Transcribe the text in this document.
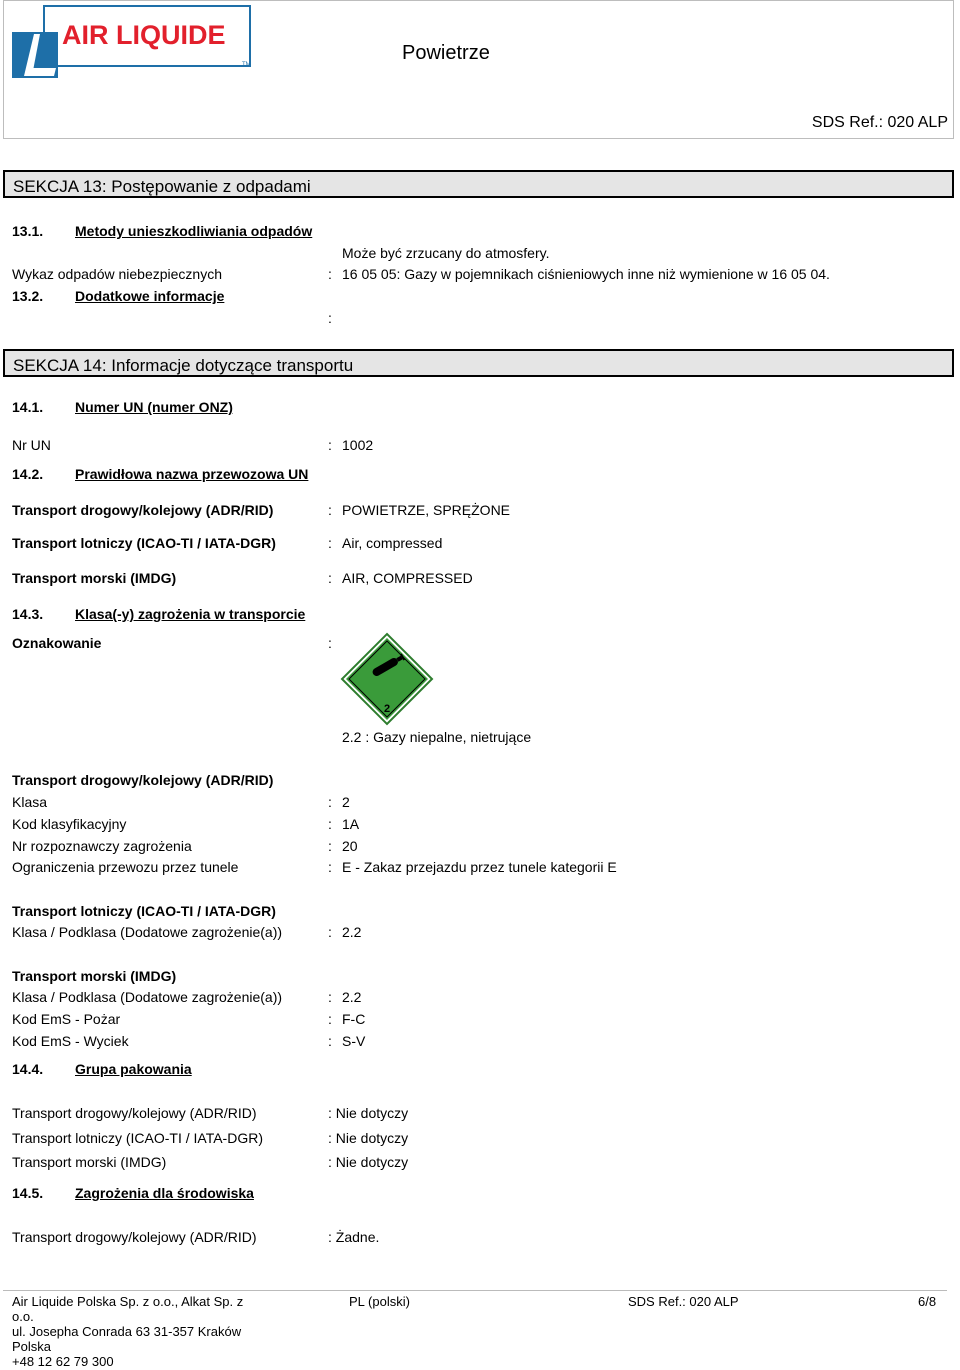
AIR LIQUIDE
TM
Powietrze
SDS Ref.: 020 ALP
SEKCJA 13: Postępowanie z odpadami
13.1. Metody unieszkodliwiania odpadów
Może być zrzucany do atmosfery.
Wykaz odpadów niebezpiecznych	: 16 05 05: Gazy w pojemnikach ciśnieniowych inne niż wymienione w 16 05 04.
13.2. Dodatkowe informacje
:
SEKCJA 14: Informacje dotyczące transportu
14.1. Numer UN (numer ONZ)
Nr UN	: 1002
14.2. Prawidłowa nazwa przewozowa UN
Transport drogowy/kolejowy (ADR/RID)	: POWIETRZE, SPRĘŻONE
Transport lotniczy (ICAO-TI / IATA-DGR)	: Air, compressed
Transport morski (IMDG)	: AIR, COMPRESSED
14.3. Klasa(-y) zagrożenia w transporcie
Oznakowanie	:
2
2.2 : Gazy niepalne, nietrujące
Transport drogowy/kolejowy (ADR/RID)
Klasa	: 2
Kod klasyfikacyjny	: 1A
Nr rozpoznawczy zagrożenia	: 20
Ograniczenia przewozu przez tunele	: E - Zakaz przejazdu przez tunele kategorii E
Transport lotniczy (ICAO-TI / IATA-DGR)
Klasa / Podklasa (Dodatowe zagrożenie(a))	: 2.2
Transport morski (IMDG)
Klasa / Podklasa (Dodatowe zagrożenie(a))	: 2.2
Kod EmS - Pożar	: F-C
Kod EmS - Wyciek	: S-V
14.4. Grupa pakowania
Transport drogowy/kolejowy (ADR/RID)	: Nie dotyczy
Transport lotniczy (ICAO-TI / IATA-DGR)	: Nie dotyczy
Transport morski (IMDG)	: Nie dotyczy
14.5. Zagrożenia dla środowiska
Transport drogowy/kolejowy (ADR/RID)	: Żadne.
Air Liquide Polska Sp. z o.o., Alkat Sp. z
o.o.
ul. Josepha Conrada 63 31-357 Kraków
Polska
+48 12 62 79 300
PL (polski)	SDS Ref.: 020 ALP	6/8
